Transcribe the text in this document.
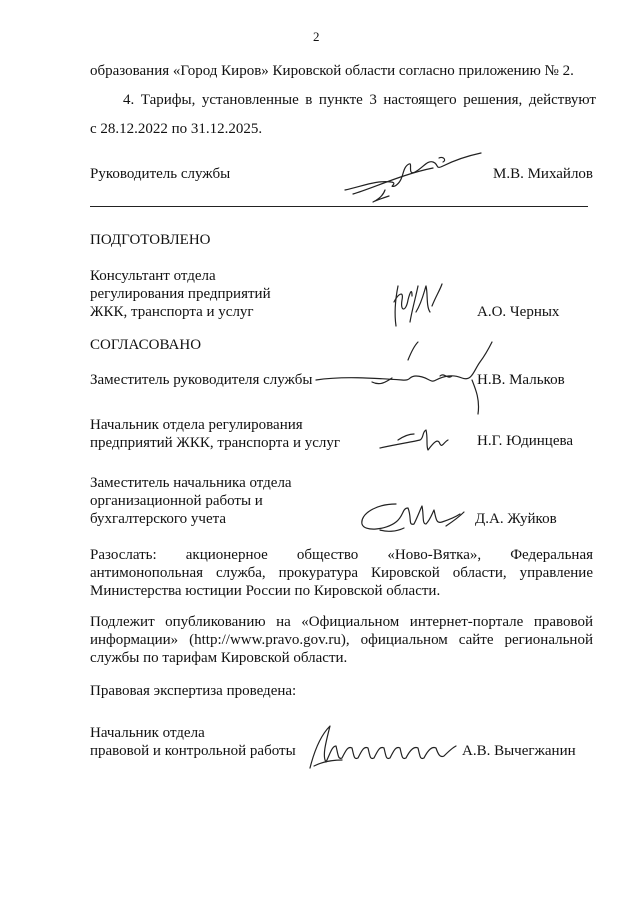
2
образования «Город Киров» Кировской области согласно приложению № 2.
4. Тарифы, установленные в пункте 3 настоящего решения, действуют
с 28.12.2022 по 31.12.2025.
Руководитель службы	М.В. Михайлов
ПОДГОТОВЛЕНО
Консультант отдела
регулирования предприятий
ЖКК, транспорта и услуг	А.О. Черных
СОГЛАСОВАНО
Заместитель руководителя службы	Н.В. Мальков
Начальник отдела регулирования
предприятий ЖКК, транспорта и услуг	Н.Г. Юдинцева
Заместитель начальника отдела
организационной работы и
бухгалтерского учета	Д.А. Жуйков
Разослать: акционерное общество «Ново-Вятка», Федеральная
антимонопольная служба, прокуратура Кировской области, управление
Министерства юстиции России по Кировской области.
Подлежит опубликованию на «Официальном интернет-портале правовой
информации» (http://www.pravo.gov.ru), официальном сайте региональной
службы по тарифам Кировской области.
Правовая экспертиза проведена:
Начальник отдела
правовой и контрольной работы	А.В. Вычегжанин
